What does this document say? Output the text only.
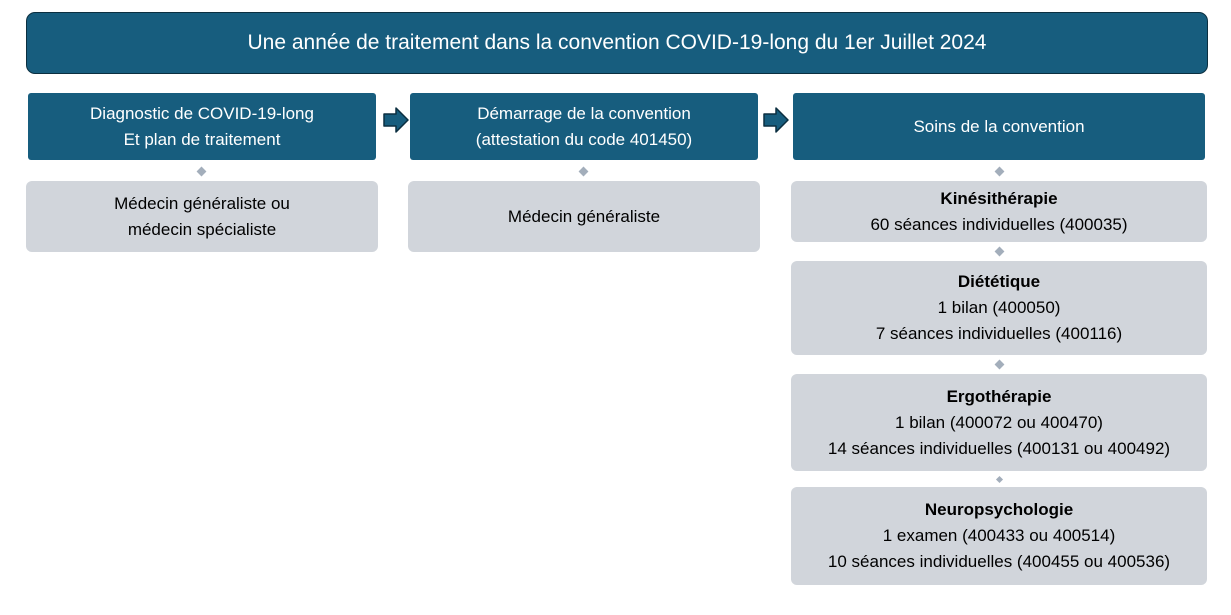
Une année de traitement dans la convention COVID-19-long du 1er Juillet 2024
Diagnostic de COVID-19-long
Et plan de traitement
Médecin généraliste ou
médecin spécialiste
Démarrage de la convention
(attestation du code 401450)
Médecin généraliste
Soins de la convention
Kinésithérapie
60 séances individuelles (400035)
Diététique
1 bilan (400050)
7 séances individuelles (400116)
Ergothérapie
1 bilan (400072 ou 400470)
14 séances individuelles (400131 ou 400492)
Neuropsychologie
1 examen (400433 ou 400514)
10 séances individuelles (400455 ou 400536)
